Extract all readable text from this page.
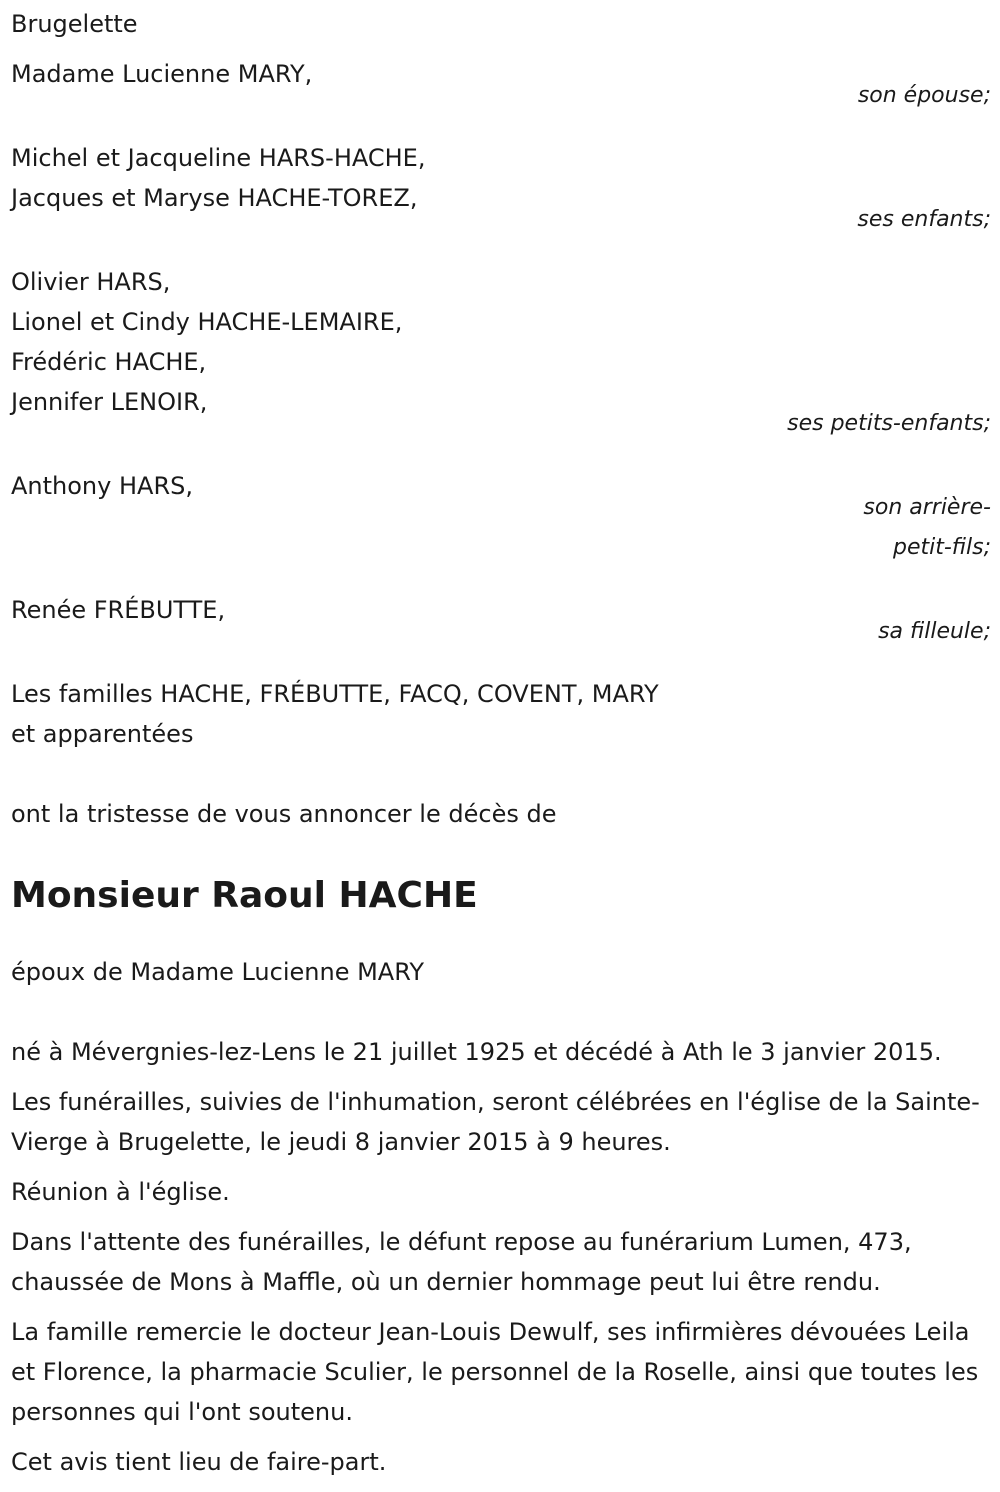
Brugelette
Madame Lucienne MARY,
son épouse;
Michel et Jacqueline HARS-HACHE,
Jacques et Maryse HACHE-TOREZ,
ses enfants;
Olivier HARS,
Lionel et Cindy HACHE-LEMAIRE,
Frédéric HACHE,
Jennifer LENOIR,
ses petits-enfants;
Anthony HARS,
son arrière-
petit-fils;
Renée FRÉBUTTE,
sa filleule;
Les familles HACHE, FRÉBUTTE, FACQ, COVENT, MARY
et apparentées
ont la tristesse de vous annoncer le décès de
Monsieur Raoul HACHE
époux de Madame Lucienne MARY

né à Mévergnies-lez-Lens le 21 juillet 1925 et décédé à Ath le 3 janvier 2015.

Les funérailles, suivies de l'inhumation, seront célébrées en l'église de la Sainte-Vierge à Brugelette, le jeudi 8 janvier 2015 à 9 heures.

Réunion à l'église.

Dans l'attente des funérailles, le défunt repose au funérarium Lumen, 473, chaussée de Mons à Maffle, où un dernier hommage peut lui être rendu.

La famille remercie le docteur Jean-Louis Dewulf, ses infirmières dévouées Leila et Florence, la pharmacie Sculier, le personnel de la Roselle, ainsi que toutes les personnes qui l'ont soutenu.

Cet avis tient lieu de faire-part.
